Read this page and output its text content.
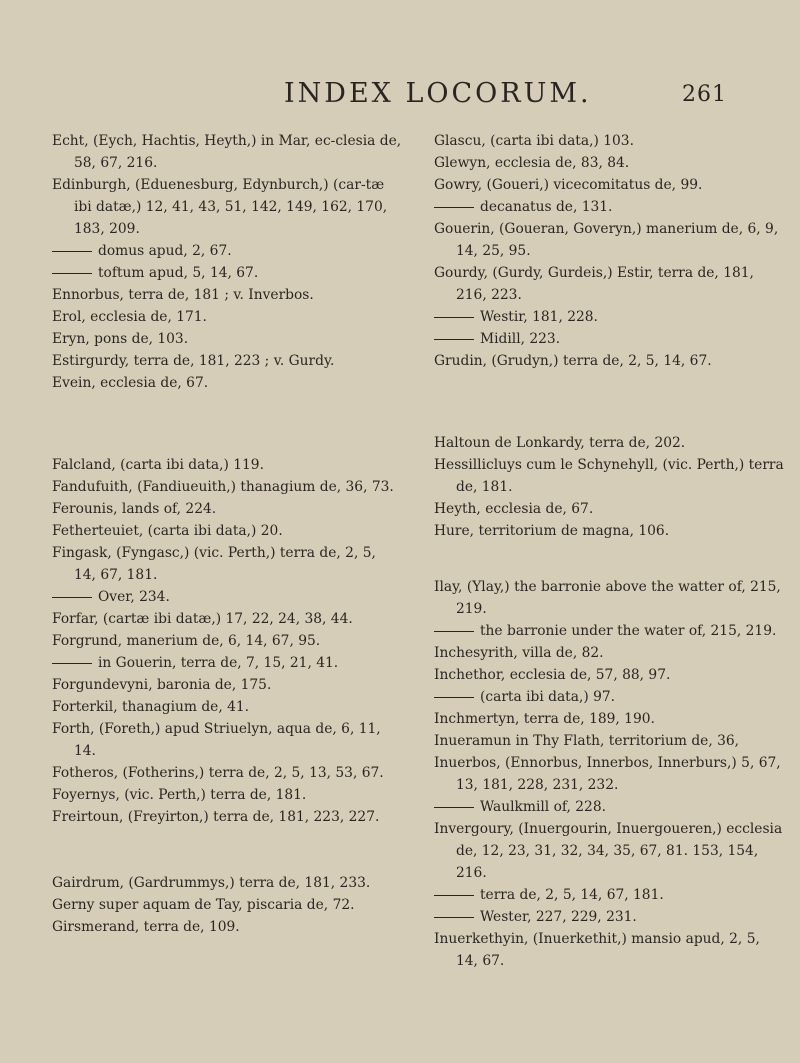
INDEX LOCORUM.	261
Echt, (Eych, Hachtis, Heyth,) in Mar, ec-clesia de, 58, 67, 216.
Edinburgh, (Eduenesburg, Edynburch,) (car-tæ ibi datæ,) 12, 41, 43, 51, 142, 149, 162, 170, 183, 209.
domus apud, 2, 67.
toftum apud, 5, 14, 67.
Ennorbus, terra de, 181 ; v. Inverbos.
Erol, ecclesia de, 171.
Eryn, pons de, 103.
Estirgurdy, terra de, 181, 223 ; v. Gurdy.
Evein, ecclesia de, 67.
Falcland, (carta ibi data,) 119.
Fandufuith, (Fandiueuith,) thanagium de, 36, 73.
Ferounis, lands of, 224.
Fetherteuiet, (carta ibi data,) 20.
Fingask, (Fyngasc,) (vic. Perth,) terra de, 2, 5, 14, 67, 181.
Over, 234.
Forfar, (cartæ ibi datæ,) 17, 22, 24, 38, 44.
Forgrund, manerium de, 6, 14, 67, 95.
in Gouerin, terra de, 7, 15, 21, 41.
Forgundevyni, baronia de, 175.
Forterkil, thanagium de, 41.
Forth, (Foreth,) apud Striuelyn, aqua de, 6, 11, 14.
Fotheros, (Fotherins,) terra de, 2, 5, 13, 53, 67.
Foyernys, (vic. Perth,) terra de, 181.
Freirtoun, (Freyirton,) terra de, 181, 223, 227.
Gairdrum, (Gardrummys,) terra de, 181, 233.
Gerny super aquam de Tay, piscaria de, 72.
Girsmerand, terra de, 109.
Glascu, (carta ibi data,) 103.
Glewyn, ecclesia de, 83, 84.
Gowry, (Goueri,) vicecomitatus de, 99.
decanatus de, 131.
Gouerin, (Goueran, Goveryn,) manerium de, 6, 9, 14, 25, 95.
Gourdy, (Gurdy, Gurdeis,) Estir, terra de, 181, 216, 223.
Westir, 181, 228.
Midill, 223.
Grudin, (Grudyn,) terra de, 2, 5, 14, 67.
Haltoun de Lonkardy, terra de, 202.
Hessillicluys cum le Schynehyll, (vic. Perth,) terra de, 181.
Heyth, ecclesia de, 67.
Hure, territorium de magna, 106.
Ilay, (Ylay,) the barronie above the watter of, 215, 219.
the barronie under the water of, 215, 219.
Inchesyrith, villa de, 82.
Inchethor, ecclesia de, 57, 88, 97.
(carta ibi data,) 97.
Inchmertyn, terra de, 189, 190.
Inueramun in Thy Flath, territorium de, 36,
Inuerbos, (Ennorbus, Innerbos, Innerburs,) 5, 67, 13, 181, 228, 231, 232.
Waulkmill of, 228.
Invergoury, (Inuergourin, Inuergoueren,) ecclesia de, 12, 23, 31, 32, 34, 35, 67, 81. 153, 154, 216.
terra de, 2, 5, 14, 67, 181.
Wester, 227, 229, 231.
Inuerkethyin, (Inuerkethit,) mansio apud, 2, 5, 14, 67.
